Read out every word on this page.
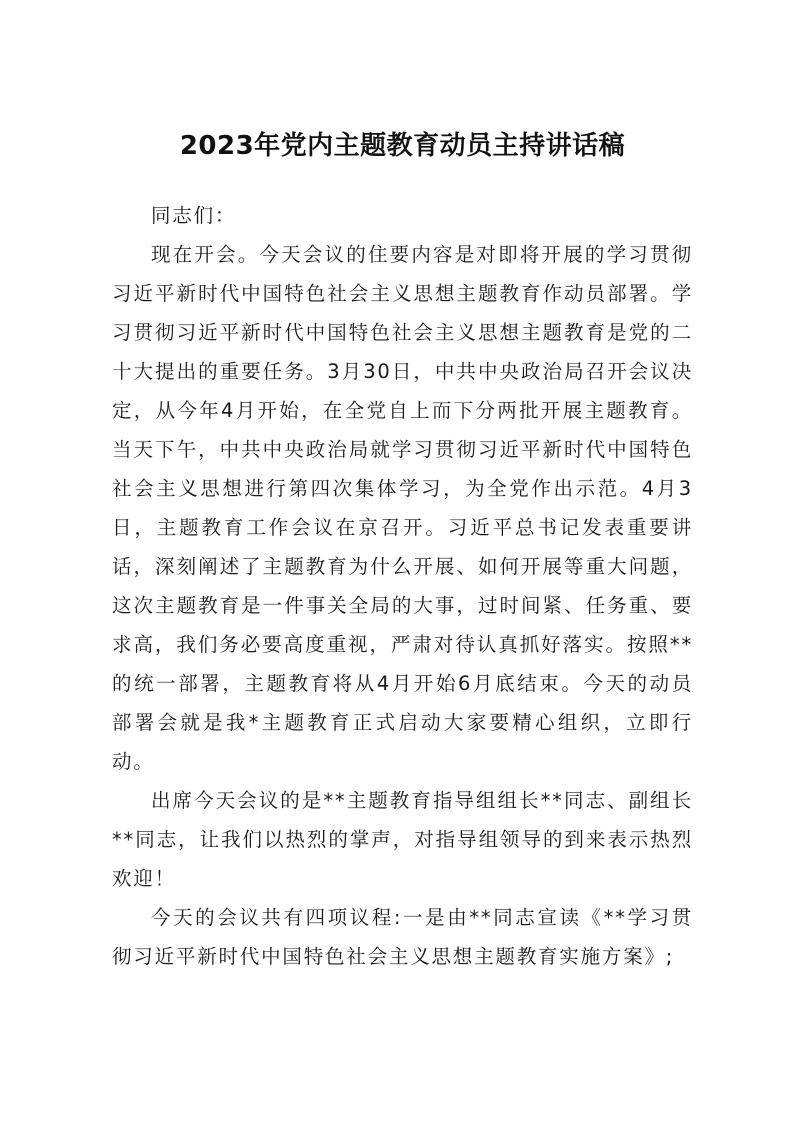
2023年党内主题教育动员主持讲话稿

同志们：

现在开会。今天会议的住要内容是对即将开展的学习贯彻习近平新时代中国特色社会主义思想主题教育作动员部署。学习贯彻习近平新时代中国特色社会主义思想主题教育是党的二十大提出的重要任务。3月30日，中共中央政治局召开会议决定，从今年4月开始，在全党自上而下分两批开展主题教育。当天下午，中共中央政治局就学习贯彻习近平新时代中国特色社会主义思想进行第四次集体学习，为全党作出示范。4月3日，主题教育工作会议在京召开。习近平总书记发表重要讲话，深刻阐述了主题教育为什么开展、如何开展等重大问题，这次主题教育是一件事关全局的大事，过时间紧、任务重、要求高，我们务必要高度重视，严肃对待认真抓好落实。按照**的统一部署，主题教育将从4月开始6月底结束。今天的动员部署会就是我*主题教育正式启动大家要精心组织，立即行动。

出席今天会议的是**主题教育指导组组长**同志、副组长**同志，让我们以热烈的掌声，对指导组领导的到来表示热烈欢迎！

今天的会议共有四项议程:一是由**同志宣读《**学习贯彻习近平新时代中国特色社会主义思想主题教育实施方案》;
